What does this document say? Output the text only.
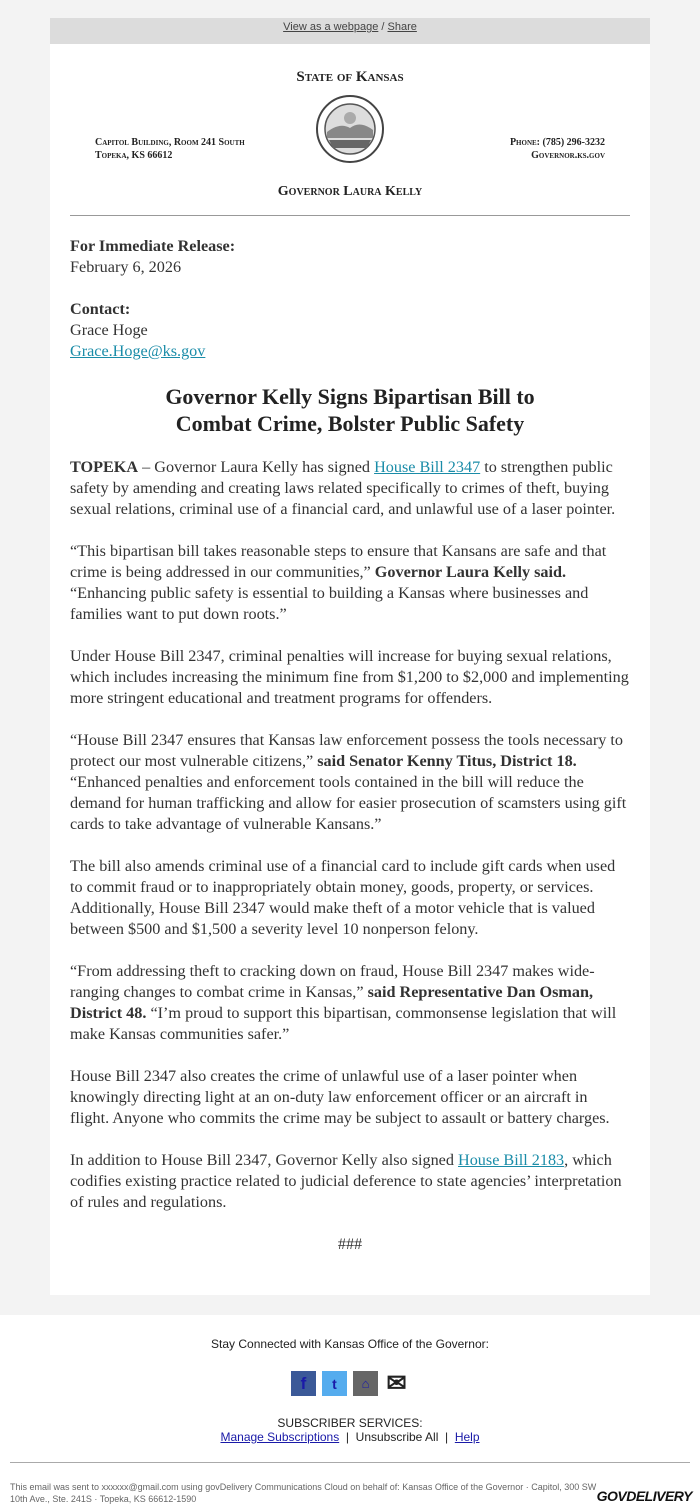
View as a webpage / Share
State of Kansas
Capitol Building, Room 241 South
Topeka, KS 66612
Phone: (785) 296-3232
Governor.ks.gov
Governor Laura Kelly

For Immediate Release:
February 6, 2026

Contact:
Grace Hoge
Grace.Hoge@ks.gov

Governor Kelly Signs Bipartisan Bill to
Combat Crime, Bolster Public Safety

TOPEKA – Governor Laura Kelly has signed House Bill 2347 to strengthen public safety by amending and creating laws related specifically to crimes of theft, buying sexual relations, criminal use of a financial card, and unlawful use of a laser pointer.

“This bipartisan bill takes reasonable steps to ensure that Kansans are safe and that crime is being addressed in our communities,” Governor Laura Kelly said. “Enhancing public safety is essential to building a Kansas where businesses and families want to put down roots.”

Under House Bill 2347, criminal penalties will increase for buying sexual relations, which includes increasing the minimum fine from $1,200 to $2,000 and implementing more stringent educational and treatment programs for offenders.

“House Bill 2347 ensures that Kansas law enforcement possess the tools necessary to protect our most vulnerable citizens,” said Senator Kenny Titus, District 18. “Enhanced penalties and enforcement tools contained in the bill will reduce the demand for human trafficking and allow for easier prosecution of scamsters using gift cards to take advantage of vulnerable Kansans.”

The bill also amends criminal use of a financial card to include gift cards when used to commit fraud or to inappropriately obtain money, goods, property, or services. Additionally, House Bill 2347 would make theft of a motor vehicle that is valued between $500 and $1,500 a severity level 10 nonperson felony.

“From addressing theft to cracking down on fraud, House Bill 2347 makes wide-ranging changes to combat crime in Kansas,” said Representative Dan Osman, District 48. “I’m proud to support this bipartisan, commonsense legislation that will make Kansas communities safer.”

House Bill 2347 also creates the crime of unlawful use of a laser pointer when knowingly directing light at an on-duty law enforcement officer or an aircraft in flight. Anyone who commits the crime may be subject to assault or battery charges.

In addition to House Bill 2347, Governor Kelly also signed House Bill 2183, which codifies existing practice related to judicial deference to state agencies’ interpretation of rules and regulations.

###

Stay Connected with Kansas Office of the Governor:
f	t	⌂ ✉
SUBSCRIBER SERVICES:
Manage Subscriptions  |  Unsubscribe All  |  Help
This email was sent to xxxxxx@gmail.com using govDelivery Communications Cloud on behalf of: Kansas Office of the Governor · Capitol, 300 SW 10th Ave., Ste. 241S · Topeka, KS 66612-1590	GOVDELIVERY
